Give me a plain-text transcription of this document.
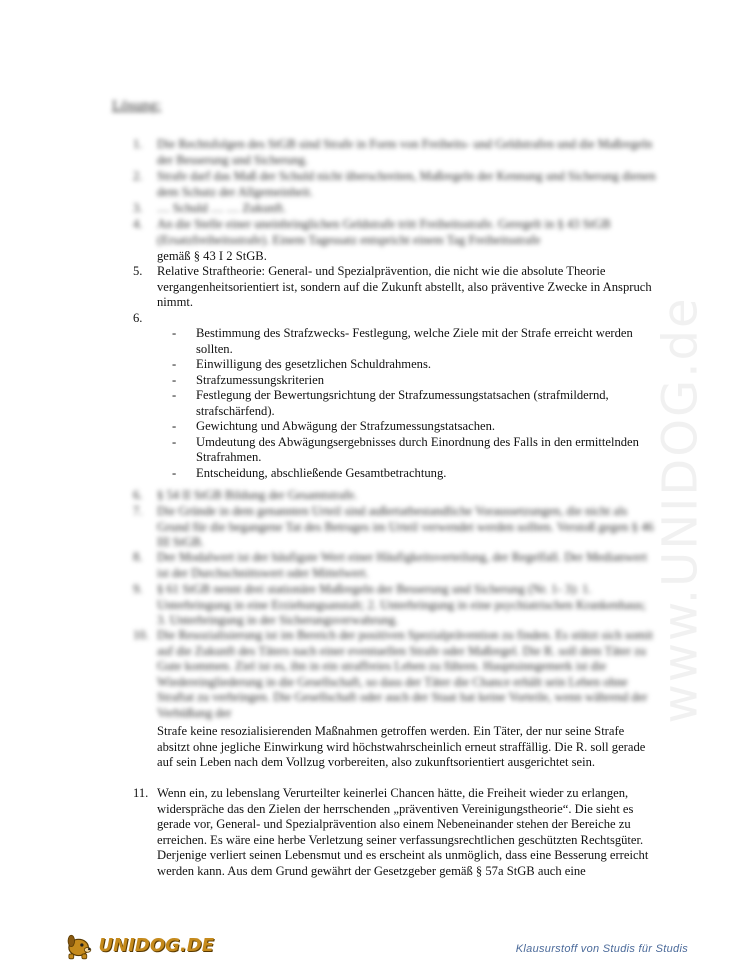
Lösung:
1.	Die Rechtsfolgen des StGB sind Strafe in Form von Freiheits- und Geldstrafen und die Maßregeln der Besserung und Sicherung.
2.	Strafe darf das Maß der Schuld nicht überschreiten, Maßregeln der Kennung und Sicherung dienen dem Schutz der Allgemeinheit.
3.	… Schuld … … Zukunft.
4.	An die Stelle einer uneinbringlichen Geldstrafe tritt Freiheitsstrafe. Geregelt in § 43 StGB (Ersatzfreiheitsstrafe). Einem Tagessatz entspricht einem Tag Freiheitsstrafe
gemäß § 43 I 2 StGB.
5.	Relative Straftheorie: General- und Spezialprävention, die nicht wie die absolute Theorie vergangenheitsorientiert ist, sondern auf die Zukunft abstellt, also präventive Zwecke in Anspruch nimmt.
6.

- Bestimmung des Strafzwecks- Festlegung, welche Ziele mit der Strafe erreicht werden sollten.

- Einwilligung des gesetzlichen Schuldrahmens.

- Strafzumessungskriterien

- Festlegung der Bewertungsrichtung der Strafzumessungstatsachen (strafmildernd, strafschärfend).

- Gewichtung und Abwägung der Strafzumessungstatsachen.

- Umdeutung des Abwägungsergebnisses durch Einordnung des Falls in den ermittelnden Strafrahmen.

- Entscheidung, abschließende Gesamtbetrachtung.

6.	§ 54 II StGB Bildung der Gesamtstrafe.
7.	Die Gründe in dem genannten Urteil sind außertatbestandliche Voraussetzungen, die nicht als Grund für die begangene Tat des Betruges im Urteil verwendet werden sollten. Verstoß gegen § 46 III StGB.
8.	Der Modalwert ist der häufigste Wert einer Häufigkeitsverteilung, der Regelfall. Der Medianwert ist der Durchschnittswert oder Mittelwert.
9.	§ 61 StGB nennt drei stationäre Maßregeln der Besserung und Sicherung (Nr. 1- 3): 1. Unterbringung in eine Erziehungsanstalt; 2. Unterbringung in eine psychiatrischen Krankenhaus; 3. Unterbringung in der Sicherungsverwahrung.
10. Die Resozialisierung ist im Bereich der positiven Spezialprävention zu finden. Es stützt sich somit auf die Zukunft des Täters nach einer eventuellen Strafe oder Maßregel. Die R. soll dem Täter zu Gute kommen. Ziel ist es, ihn in ein straffreies Leben zu führen. Hauptsinngemerk ist die Wiedereingliederung in die Gesellschaft, so dass der Täter die Chance erhält sein Leben ohne Straftat zu verbringen. Die Gesellschaft oder auch der Staat hat keine Vorteile, wenn während der Verbüßung der
Strafe keine resozialisierenden Maßnahmen getroffen werden. Ein Täter, der nur seine Strafe absitzt ohne jegliche Einwirkung wird höchstwahrscheinlich erneut straffällig. Die R. soll gerade auf sein Leben nach dem Vollzug vorbereiten, also zukunftsorientiert ausgerichtet sein.
11. Wenn ein, zu lebenslang Verurteilter keinerlei Chancen hätte, die Freiheit wieder zu erlangen, widerspräche das den Zielen der herrschenden „präventiven Vereinigungstheorie“. Die sieht es gerade vor, General- und Spezialprävention also einem Nebeneinander stehen der Bereiche zu erreichen. Es wäre eine herbe Verletzung seiner verfassungsrechtlichen geschützten Rechtsgüter. Derjenige verliert seinen Lebensmut und es erscheint als unmöglich, dass eine Besserung erreicht werden kann. Aus dem Grund gewährt der Gesetzgeber gemäß § 57a StGB auch eine
www.UNIDOG.de
UNIDOG.DE	Klausurstoff von Studis für Studis
